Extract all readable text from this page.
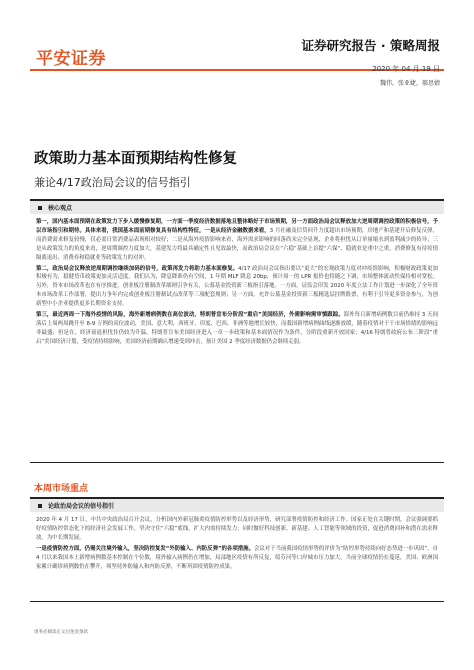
平安证券
证券研究报告 · 策略周报
2020 年 04 月 19 日
魏伟，张亚婕，郝思婧
政策助力基本面预期结构性修复
兼论4/17政治局会议的信号指引
核心观点

第一，国内基本面预期在政策发力下步入缓慢修复期，一方面一季度经济数据落地且整体略好于市场预期，另一方面政治局会议释放加大逆周期调控政策的积极信号，予以市场指引和期待。具体来看，我国基本面前期修复具有结构性特征，一是从经济金融数据来看，3 月社融及信贷回升力度超出市场预期，房地产和基建开启修复反弹，而消费需求修复较慢，仅必需日常消费品表现相对较好；二是从海外疫情影响来看，海外需求影响的回落尚未完全显现，企业将担忧从订单量缩水到盈利减少的传导；三是从政策发力的角度来看，逆周期调控力度加大，基建发力将最具确定性且见效最快，而政治局会议在“六稳”基础上首提“六保”，稳就业是重中之重，消费修复有待疫情隔离退出、消费券和稳就业等政策发力的对冲。

第二，政治局会议释放逆周期调控继续加码的信号，政策再发力将助力基本面修复。4/17 政治局会议指出要以“更大”的宏观政策力度对冲疫情影响，积极财政政策更加积极有为，稳健货币政策更加灵活适度。我们认为，降息降准仍有空间，1 年期 MLF 降息 20bp，预计周一的 LPR 报价也将随之下调，市场整体流动性保持相对宽松。另外，资本市场改革也在有序推进，创业板注册制改革细则引争有关，公募基金投资新三板指引落地。一方面，证监会印发 2020 年度立法工作计划进一步深化了全年资本市场改革工作部署，提出力争年内完成创业板注册制试点改革等三项配套规则；另一方面，允许公募基金投资新三板精选层挂牌股票，有利于引导更多资金参与，为创新型中小企业提供更多长期资金支持。

第三，最近两周一下海外疫情的风险，海外新增病例数在高位波动，特朗普宣布分阶段“重启”美国经济，外需影响需审慎跟踪。海外每日新增病例数目前仍维持 3 天间落后上周两周跳升至 8-9 万例的高位波动，美国、意大利、西班牙、印度、巴西、非洲等地增长较快，而我国新增病例曲线逐渐放缓，随着疫情对于干市场情绪的影响远非最盛；但是在，经济衰退担忧挂仍较为升温，特朗普宣布美国经济进入一章一步政策和基本面情况作为条件，分阶段重新开放国家；4/16 特朗普政府公布三阶段“重启”美国经济计划，受疫情持续影响，美国经济前期确认增速受到冲击，预计美国 2 季度经济数据仍会继续走弱。

本周市场重点
论政治局会议的信号指引

2020 年 4 月 17 日，中共中央政治局召开会议，分析国内外新冠肺炎疫情防控形势以及经济形势，研究部署疫情防控和经济工作。国家正处在关键时期，会议强调要抓好疫情防控常态化下的经济社会发展工作，坚决守住“六稳”底线，扩大内需持续发力；同时做好科技创新、新基建、人工智能等领域的投资，促进消费回补和潜在需求释放，为中长期发展。

一是疫情防控方面，仍需关注境外输入，坚决防控复发“外防输入、内防反弹”的各项措施。会议对于当前我国疫情形势的评价为“防控形势持续向好态势进一步巩固”。自 4 月以来我国本土新增病例数基本控制在个位数，境外输入病例仍在增加，局部地区疫情有所反复，绥芬河等口岸城市压力加大。当前全球疫情仍在蔓延，美国、欧洲国家累计确诊病例数仍在攀升，须坚持外防输入和内防反弹，不断巩固疫情防控成果。

请务必阅读正文后免责条款
